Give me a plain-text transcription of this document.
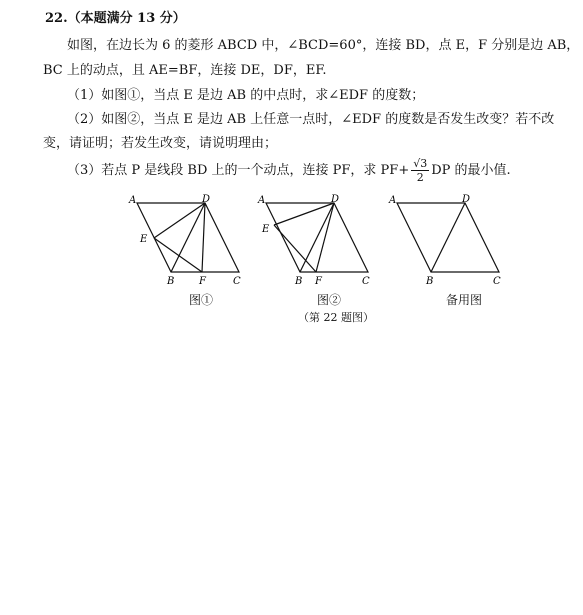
22.（本题满分 13 分）
如图，在边长为 6 的菱形 ABCD 中，∠BCD=60°，连接 BD，点 E，F 分别是边 AB，
BC 上的动点，且 AE=BF，连接 DE，DF，EF.
（1）如图①，当点 E 是边 AB 的中点时，求∠EDF 的度数；
（2）如图②，当点 E 是边 AB 上任意一点时，∠EDF 的度数是否发生改变？若不改
变，请证明；若发生改变，请说明理由；
（3）若点 P 是线段 BD 上的一个动点，连接 PF，求 $PF+ \frac{√3}{2}$ DP 的最小值.
A	D
E
B F	C
图①
A	D
E
B F	C
图②
A	D
B	C
备用图
（第 22 题图）
